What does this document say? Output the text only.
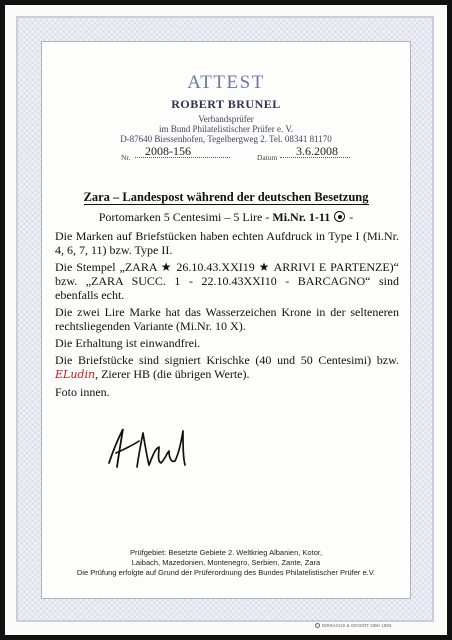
ATTEST
ROBERT BRUNEL
Verbandsprüfer
im Bund Philatelistischer Prüfer e. V.
D-87640 Biessenhofen, Tegelbergweg 2. Tel. 08341 81170
Nr. 2008-156	Datum 3.6.2008
Zara – Landespost während der deutschen Besetzung
Portomarken 5 Centesimi – 5 Lire - Mi.Nr. 1-11  -

Die Marken auf Briefstücken haben echten Aufdruck in Type I (Mi.Nr. 4, 6, 7, 11) bzw. Type II.

Die Stempel „ZARA ★ 26.10.43.XXI19 ★ ARRIVI E PARTENZE)“ bzw. „ZARA SUCC. 1 - 22.10.43XXI10 - BARCAGNO“ sind ebenfalls echt.

Die zwei Lire Marke hat das Wasserzeichen Krone in der selteneren rechtsliegenden Variante (Mi.Nr. 10 X).

Die Erhaltung ist einwandfrei.

Die Briefstücke sind signiert Krischke (40 und 50 Centesimi) bzw. ELudin, Zierer HB (die übrigen Werte).

Foto innen.

Prüfgebiet: Besetzte Gebiete 2. Weltkrieg Albanien, Kotor,
Laibach, Mazedonien, Montenegro, Serbien, Zante, Zara
Die Prüfung erfolgte auf Grund der Prüferordnung des Bundes Philatelistischer Prüfer e.V.
DIRSACHS & GEVERT GBH 1993
